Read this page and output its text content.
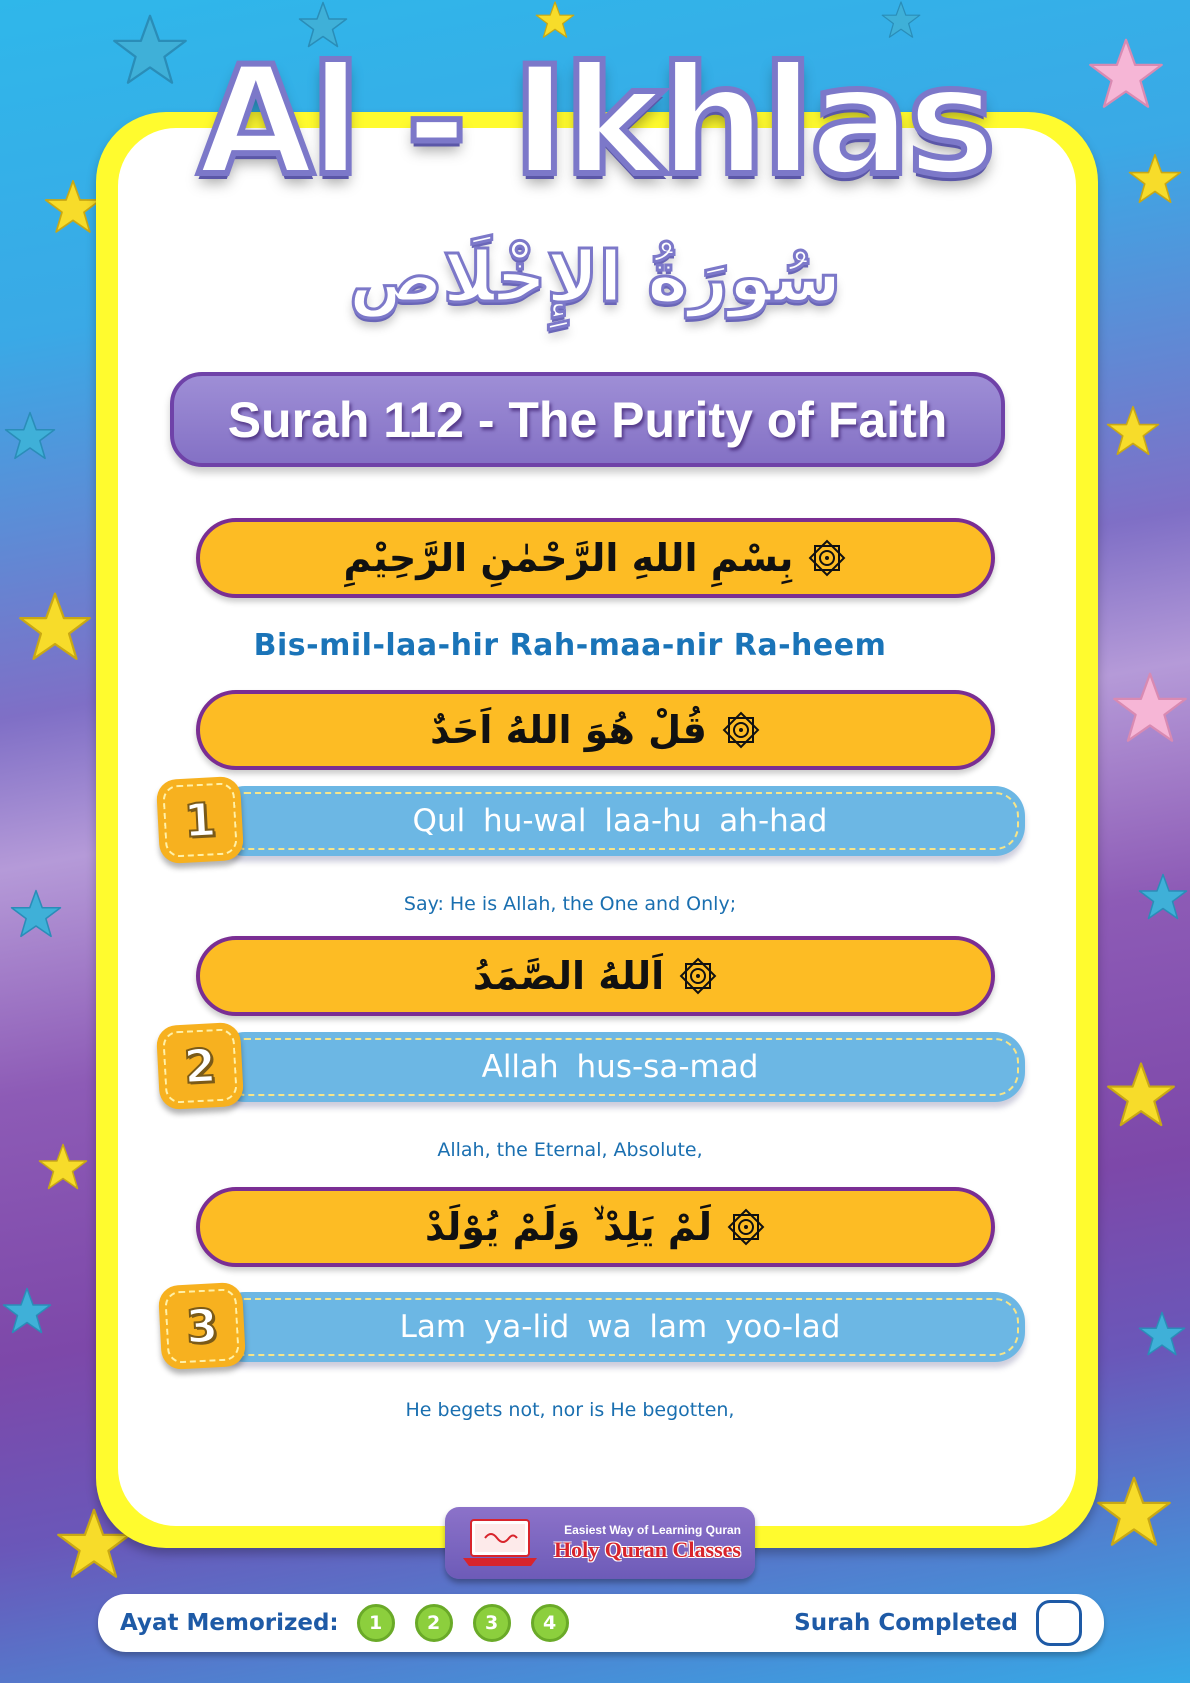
Al - Ikhlas
سُورَةُ الإِخْلَاص
Surah 112 - The Purity of Faith
بِسْمِ اللهِ الرَّحْمٰنِ الرَّحِيْمِ
Bis-mil-laa-hir Rah-maa-nir Ra-heem
قُلْ هُوَ اللهُ اَحَدٌ
Qul hu-wal laa-hu ah-had
1
Say: He is Allah, the One and Only;
اَللهُ الصَّمَدُ
Allah hus-sa-mad
2
Allah, the Eternal, Absolute,
لَمْ يَلِدْ ۙ وَلَمْ يُوْلَدْ
Lam ya-lid wa lam yoo-lad
3
He begets not, nor is He begotten,
Easiest Way of Learning Quran
Holy Quran Classes
Ayat Memorized:	1	2	3	4	Surah Completed
